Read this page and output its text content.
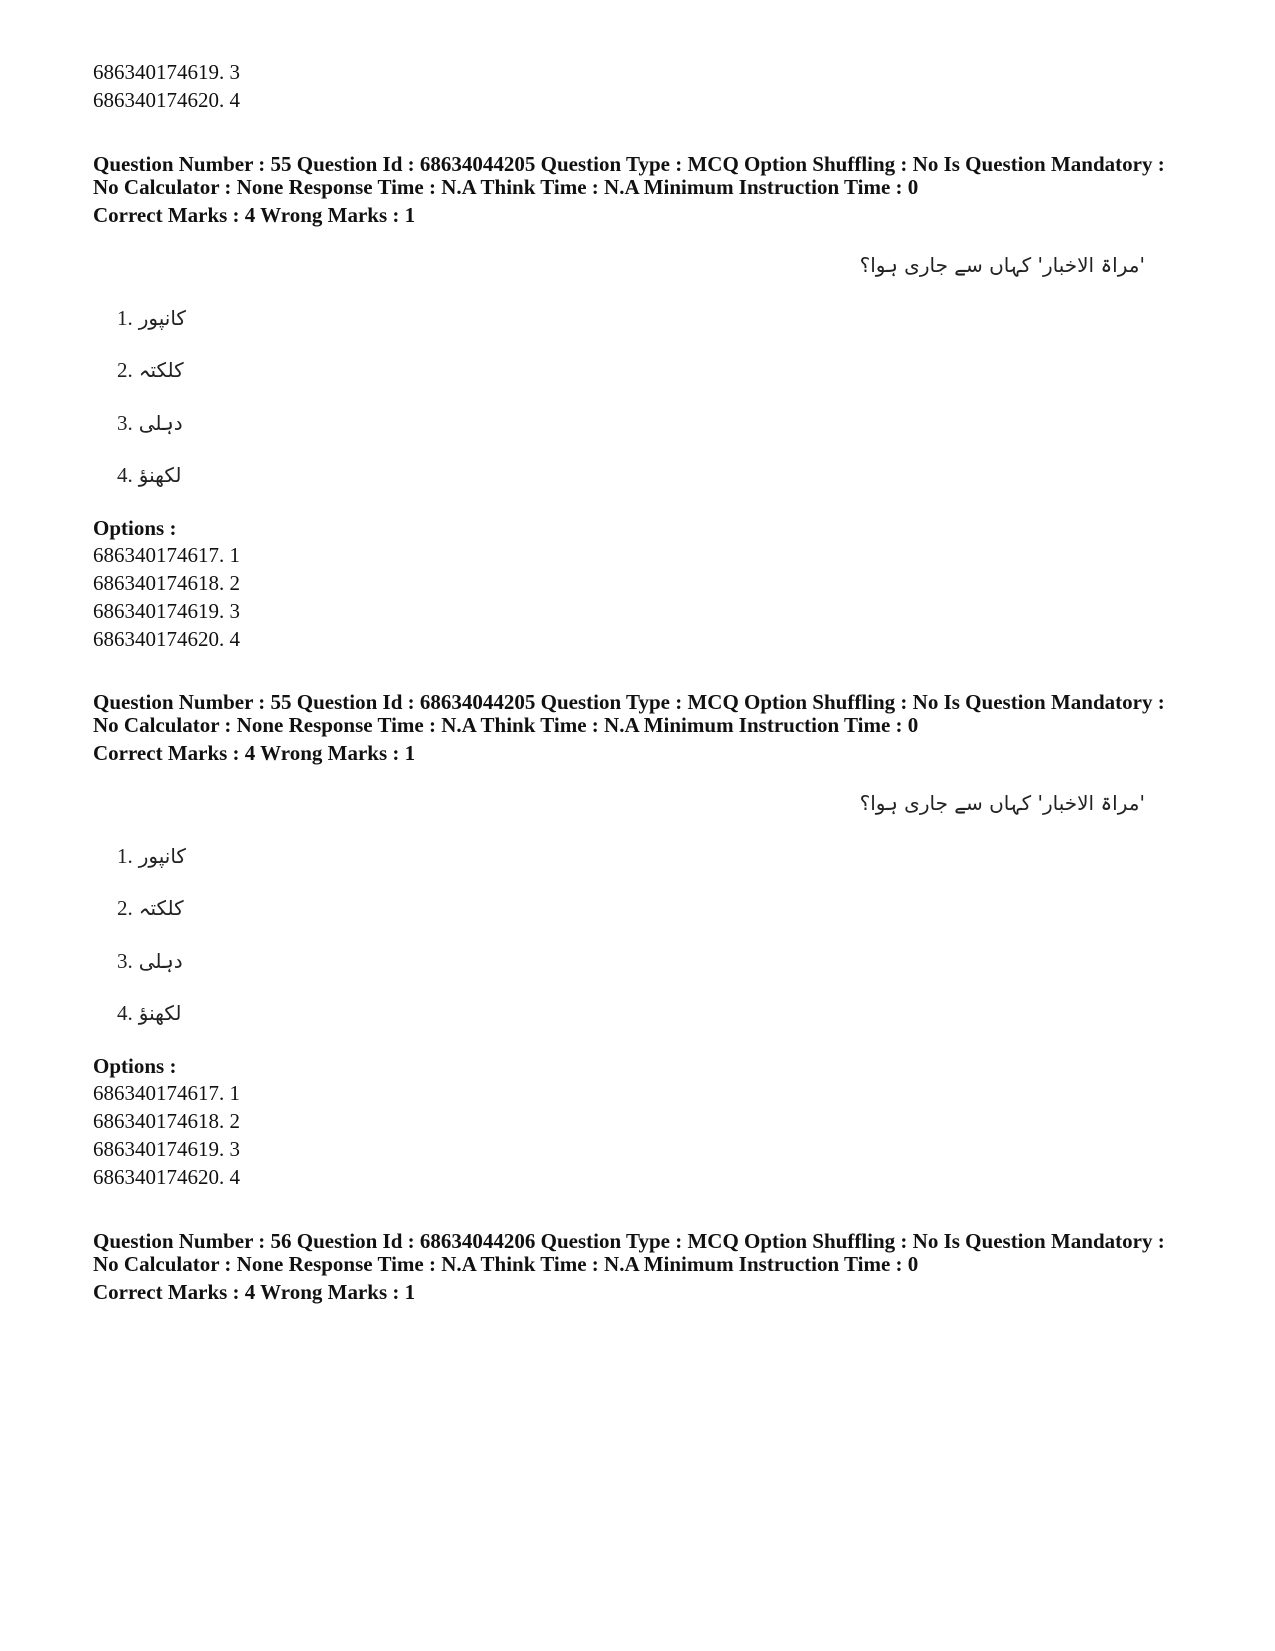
686340174619. 3
686340174620. 4
Question Number : 55 Question Id : 68634044205 Question Type : MCQ Option Shuffling : No Is Question Mandatory :
No Calculator : None Response Time : N.A Think Time : N.A Minimum Instruction Time : 0
Correct Marks : 4 Wrong Marks : 1
'مراۃ الاخبار' کہاں سے جاری ہوا؟
1. کانپور
2. کلکتہ
3. دہلی
4. لکھنؤ
Options :
686340174617. 1
686340174618. 2
686340174619. 3
686340174620. 4
Question Number : 55 Question Id : 68634044205 Question Type : MCQ Option Shuffling : No Is Question Mandatory :
No Calculator : None Response Time : N.A Think Time : N.A Minimum Instruction Time : 0
Correct Marks : 4 Wrong Marks : 1
'مراۃ الاخبار' کہاں سے جاری ہوا؟
1. کانپور
2. کلکتہ
3. دہلی
4. لکھنؤ
Options :
686340174617. 1
686340174618. 2
686340174619. 3
686340174620. 4
Question Number : 56 Question Id : 68634044206 Question Type : MCQ Option Shuffling : No Is Question Mandatory :
No Calculator : None Response Time : N.A Think Time : N.A Minimum Instruction Time : 0
Correct Marks : 4 Wrong Marks : 1
